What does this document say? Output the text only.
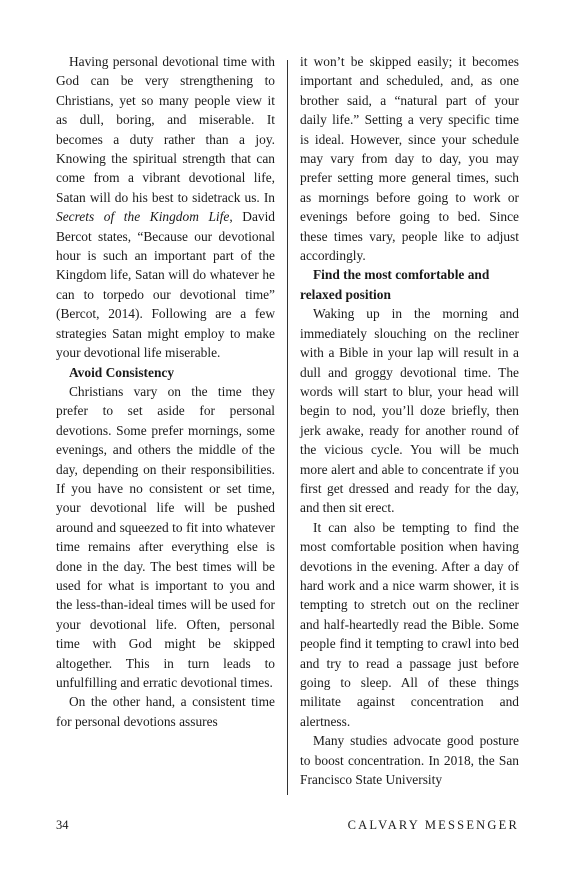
Having personal devotional time with God can be very strengthening to Christians, yet so many people view it as dull, boring, and miserable. It becomes a duty rather than a joy. Knowing the spiritual strength that can come from a vibrant devotional life, Satan will do his best to sidetrack us. In Secrets of the Kingdom Life, David Bercot states, “Because our devotional hour is such an important part of the Kingdom life, Satan will do whatever he can to torpedo our devotional time” (Bercot, 2014). Following are a few strategies Satan might employ to make your devotional life miserable.

Avoid Consistency

Christians vary on the time they prefer to set aside for personal devotions. Some prefer mornings, some evenings, and others the middle of the day, depending on their responsibilities. If you have no consistent or set time, your devotional life will be pushed around and squeezed to fit into whatever time remains after everything else is done in the day. The best times will be used for what is important to you and the less-than-ideal times will be used for your devotional life. Often, personal time with God might be skipped altogether. This in turn leads to unfulfilling and erratic devotional times.

On the other hand, a consistent time for personal devotions assures

it won’t be skipped easily; it becomes important and scheduled, and, as one brother said, a “natural part of your daily life.” Setting a very specific time is ideal. However, since your schedule may vary from day to day, you may prefer setting more general times, such as mornings before going to work or evenings before going to bed. Since these times vary, people like to adjust accordingly.

Find the most comfortable and relaxed position

Waking up in the morning and immediately slouching on the recliner with a Bible in your lap will result in a dull and groggy devotional time. The words will start to blur, your head will begin to nod, you’ll doze briefly, then jerk awake, ready for another round of the vicious cycle. You will be much more alert and able to concentrate if you first get dressed and ready for the day, and then sit erect.

It can also be tempting to find the most comfortable position when having devotions in the evening. After a day of hard work and a nice warm shower, it is tempting to stretch out on the recliner and half-heartedly read the Bible. Some people find it tempting to crawl into bed and try to read a passage just before going to sleep. All of these things militate against concentration and alertness.

Many studies advocate good posture to boost concentration. In 2018, the San Francisco State University

34	CALVARY MESSENGER
